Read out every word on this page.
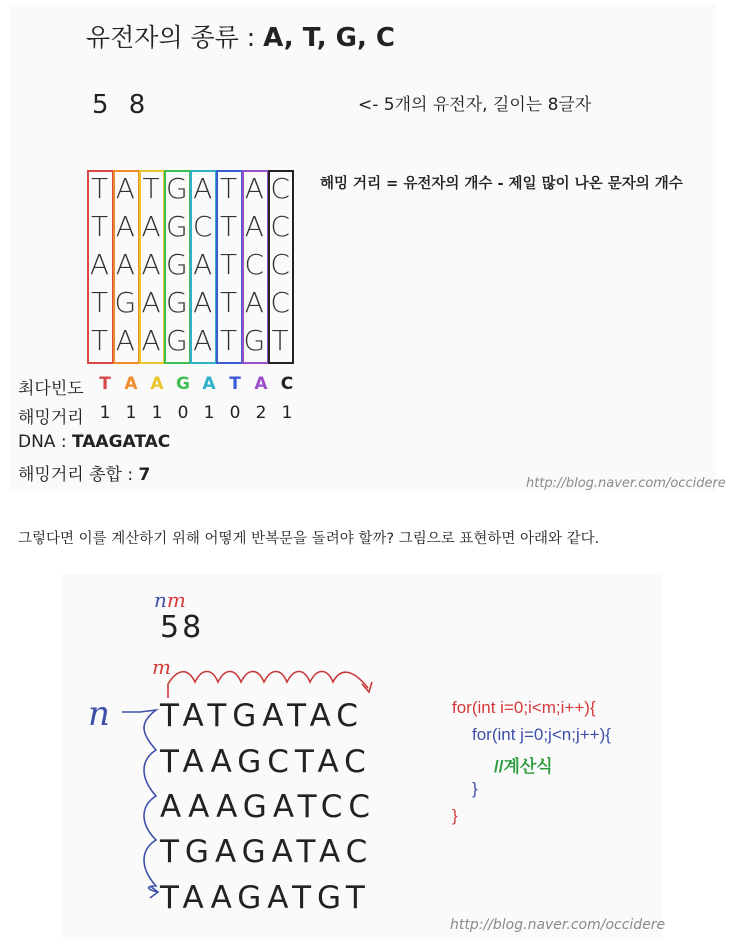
유전자의 종류 : A, T, G, C
5 8	<- 5개의 유전자, 길이는 8글자
해밍 거리 = 유전자의 개수 - 제일 많이 나온 문자의 개수
T A T G A T A C
T A A G C T A C
A A A G A T C C
T G A G A T A C
T A A G A T G T
최다빈도 T A A G A T A C
해밍거리 1 1 1 0 1 0 2 1
DNA : TAAGATAC
해밍거리 총합 : 7	http://blog.naver.com/occidere
그렇다면 이를 계산하기 위해 어떻게 반복문을 돌려야 할까? 그림으로 표현하면 아래와 같다.
nm
58
m
n TATGATAC
TAAGCTAC
AAAGATCC
TGAGATAC
TAAGATGT
for(int i=0;i<m;i++){
for(int j=0;j<n;j++){
//계산식
}
}
http://blog.naver.com/occidere
